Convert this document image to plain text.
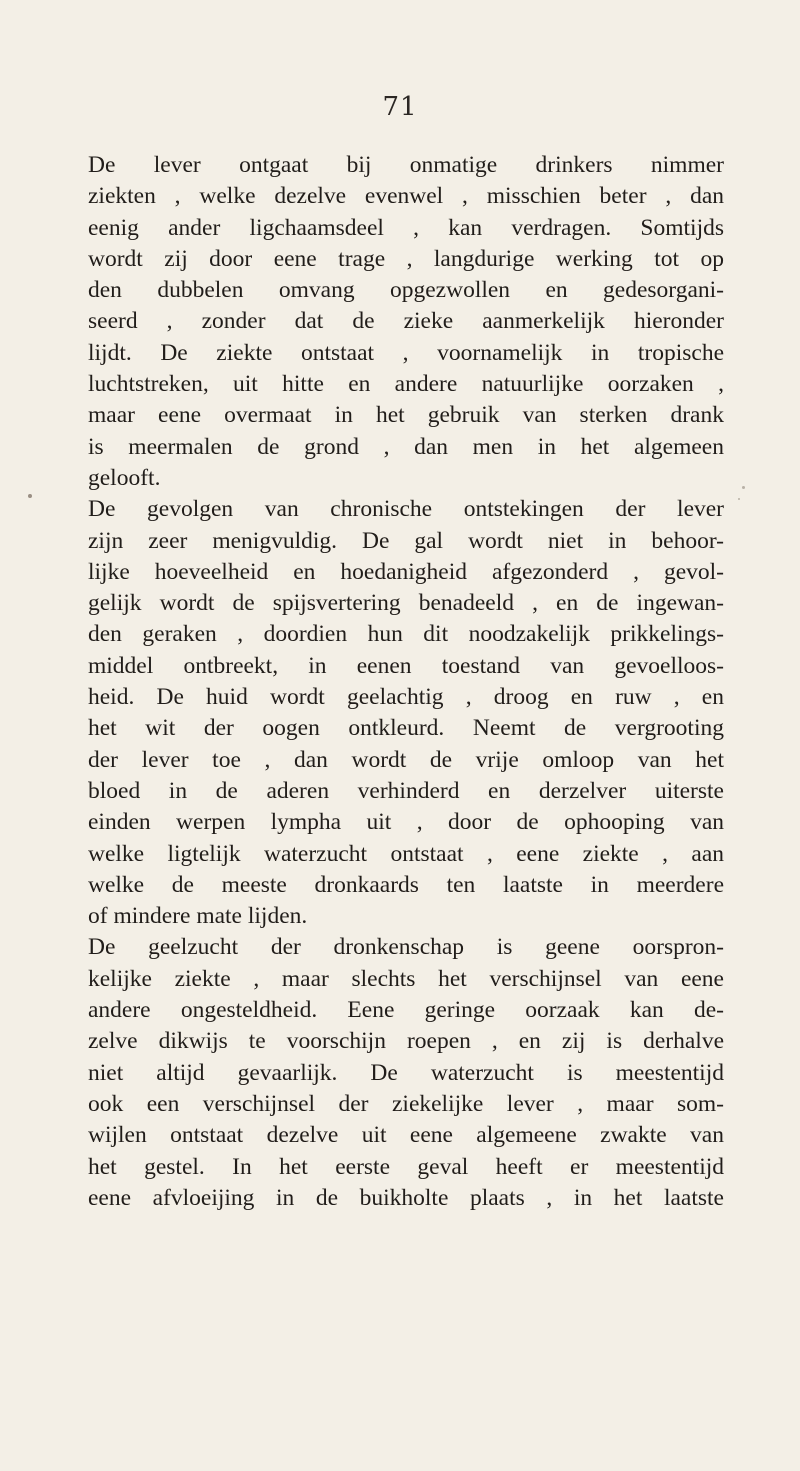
71
De lever ontgaat bij onmatige drinkers nimmer
ziekten , welke dezelve evenwel , misschien beter , dan
eenig ander ligchaamsdeel , kan verdragen. Somtijds
wordt zij door eene trage , langdurige werking tot op
den dubbelen omvang opgezwollen en gedesorgani-
seerd , zonder dat de zieke aanmerkelijk hieronder
lijdt. De ziekte ontstaat , voornamelijk in tropische
luchtstreken, uit hitte en andere natuurlijke oorzaken ,
maar eene overmaat in het gebruik van sterken drank
is meermalen de grond , dan men in het algemeen
gelooft.
De gevolgen van chronische ontstekingen der lever
zijn zeer menigvuldig. De gal wordt niet in behoor-
lijke hoeveelheid en hoedanigheid afgezonderd , gevol-
gelijk wordt de spijsvertering benadeeld , en de ingewan-
den geraken , doordien hun dit noodzakelijk prikkelings-
middel ontbreekt, in eenen toestand van gevoelloos-
heid. De huid wordt geelachtig , droog en ruw , en
het wit der oogen ontkleurd. Neemt de vergrooting
der lever toe , dan wordt de vrije omloop van het
bloed in de aderen verhinderd en derzelver uiterste
einden werpen lympha uit , door de ophooping van
welke ligtelijk waterzucht ontstaat , eene ziekte , aan
welke de meeste dronkaards ten laatste in meerdere
of mindere mate lijden.
De geelzucht der dronkenschap is geene oorspron-
kelijke ziekte , maar slechts het verschijnsel van eene
andere ongesteldheid. Eene geringe oorzaak kan de-
zelve dikwijs te voorschijn roepen , en zij is derhalve
niet altijd gevaarlijk. De waterzucht is meestentijd
ook een verschijnsel der ziekelijke lever , maar som-
wijlen ontstaat dezelve uit eene algemeene zwakte van
het gestel. In het eerste geval heeft er meestentijd
eene afvloeijing in de buikholte plaats , in het laatste
